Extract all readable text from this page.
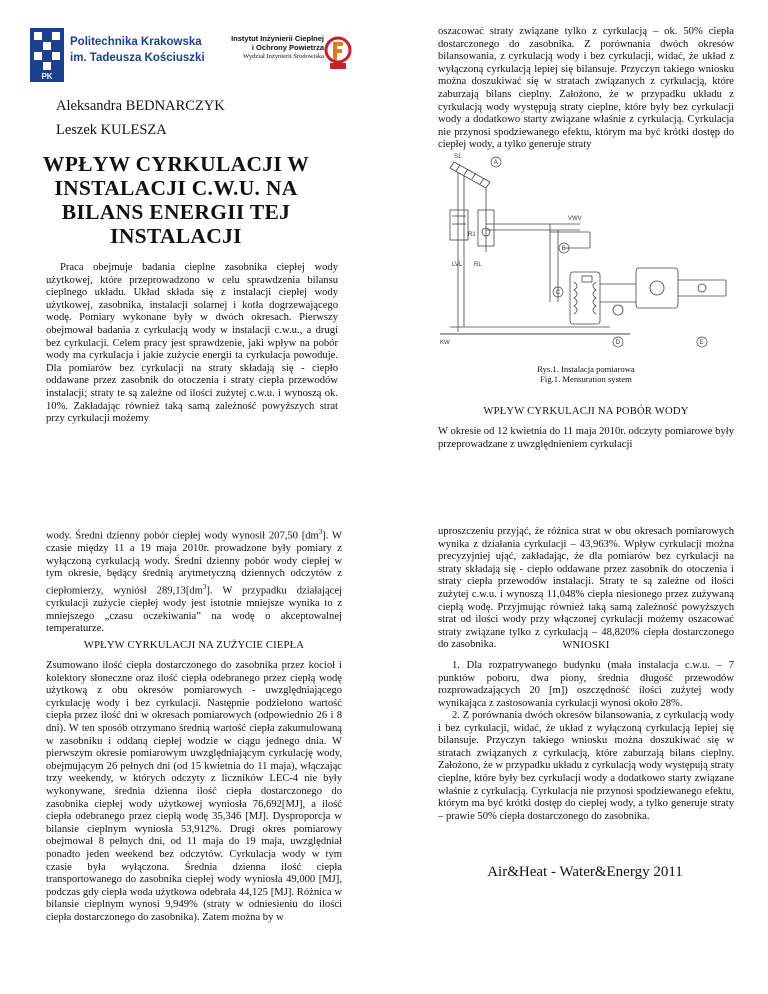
PK
Politechnika Krakowska
im. Tadeusza Kościuszki
Instytut Inżynierii Cieplnej
i Ochrony Powietrza
Wydział Inżynierii Środowiska
Aleksandra BEDNARCZYK
Leszek KULESZA
WPŁYW CYRKULACJI W INSTALACJI C.W.U. NA BILANS ENERGII TEJ INSTALACJI

Praca obejmuje badania cieplne zasobnika ciepłej wody użytkowej, które przeprowadzono w celu sprawdzenia bilansu cieplnego układu. Układ składa się z instalacji ciepłej wody użytkowej, zasobnika, instalacji solarnej i kotła dogrzewającego wodę. Pomiary wykonane były w dwóch okresach. Pierwszy obejmował badania z cyrkulacją wody w instalacji c.w.u., a drugi bez cyrkulacji. Celem pracy jest sprawdzenie, jaki wpływ na pobór wody ma cyrkulacja i jakie zużycie energii ta cyrkulacja powoduje. Dla pomiarów bez cyrkulacji na straty składają się - ciepło oddawane przez zasobnik do otoczenia i straty ciepła przewodów instalacji; straty te są zależne od ilości zużytej c.w.u. i wynoszą ok. 10%. Zakładając również taką samą zależność powyższych strat przy cyrkulacji możemy

oszacować straty związane tylko z cyrkulacją – ok. 50% ciepła dostarczonego do zasobnika. Z porównania dwóch okresów bilansowania, z cyrkulacją wody i bez cyrkulacji, widać, że układ z wyłączoną cyrkulacją lepiej się bilansuje. Przyczyn takiego wniosku można doszukiwać się w stratach związanych z cyrkulacją, które zaburzają bilans cieplny. Założono, że w przypadku układu z cyrkulacją wody występują straty cieplne, które były bez cyrkulacji wody a dodatkowo starty związane właśnie z cyrkulacją. Cyrkulacja nie przynosi spodziewanego efektu, którym ma być krótki dostęp do ciepłej wody, a tylko generuje straty

A
B
C
D	E
KW
LVL RL
VWV
R1
S1
Rys.1. Instalacja pomiarowa
Fig.1. Mensuration system
WPŁYW CYRKULACJI NA POBÓR WODY

W okresie od 12 kwietnia do 11 maja 2010r. odczyty pomiarowe były przeprowadzane z uwzględnieniem cyrkulacji

wody. Średni dzienny pobór ciepłej wody wynosił 207,50 $[dm^3]$. W czasie między 11 a 19 maja 2010r. prowadzone były pomiary z wyłączoną cyrkulacją wody. Średni dzienny pobór wody ciepłej w tym okresie, będący średnią arytmetyczną dziennych odczytów z ciepłomierzy, wyniósł $289,13[dm^3]$. W przypadku działającej cyrkulacji zużycie ciepłej wody jest istotnie mniejsze wynika to z mniejszego „czasu oczekiwania” na wodę o akceptowalnej temperaturze.

WPŁYW CYRKULACJI NA ZUŻYCIE CIEPŁA

Zsumowano ilość ciepła dostarczonego do zasobnika przez kocioł i kolektory słoneczne oraz ilość ciepła odebranego przez ciepłą wodę użytkową z obu okresów pomiarowych - uwzględniającego cyrkulację wody i bez cyrkulacji. Następnie podzielono wartość ciepła przez ilość dni w okresach pomiarowych (odpowiednio 26 i 8 dni). W ten sposób otrzymano średnią wartość ciepła zakumulowaną w zasobniku i oddaną ciepłej wodzie w ciągu jednego dnia. W pierwszym okresie pomiarowym uwzględniającym cyrkulację wody, obejmującym 26 pełnych dni (od 15 kwietnia do 11 maja), włączając trzy weekendy, w których odczyty z liczników LEC-4 nie były wykonywane, średnia dzienna ilość ciepła dostarczonego do zasobnika ciepłej wody użytkowej wyniosła 76,692[MJ], a ilość ciepła odebranego przez ciepłą wodę 35,346 [MJ]. Dysproporcja w bilansie cieplnym wyniosła 53,912%. Drugi okres pomiarowy obejmował 8 pełnych dni, od 11 maja do 19 maja, uwzględniał ponadto jeden weekend bez odczytów. Cyrkulacja wody w tym czasie była wyłączona. Średnia dzienna ilość ciepła transportowanego do zasobnika ciepłej wody wyniosła 49,000 [MJ], podczas gdy ciepła woda użytkowa odebrała 44,125 [MJ]. Różnica w bilansie cieplnym wynosi 9,949% (straty w odniesieniu do ilości ciepła dostarczonego do zasobnika). Zatem można by w

uproszczeniu przyjąć, że różnica strat w obu okresach pomiarowych wynika z działania cyrkulacji – 43,963%. Wpływ cyrkulacji można precyzyjniej ująć, zakładając, że dla pomiarów bez cyrkulacji na straty składają się - ciepło oddawane przez zasobnik do otoczenia i straty ciepła przewodów instalacji. Straty te są zależne od ilości zużytej c.w.u. i wynoszą 11,048% ciepła niesionego przez zużywaną ciepłą wodę. Przyjmując również taką samą zależność powyższych strat od ilości wody przy włączonej cyrkulacji możemy oszacować straty związane tylko z cyrkulacją – 48,820% ciepła dostarczonego do zasobnika.	WNIOSKI

1. Dla rozpatrywanego budynku (mała instalacja c.w.u. – 7 punktów poboru, dwa piony, średnia długość przewodów rozprowadzających 20 [m]) oszczędność ilości zużytej wody wynikająca z zastosowania cyrkulacji wynosi około 28%.

2. Z porównania dwóch okresów bilansowania, z cyrkulacją wody i bez cyrkulacji, widać, że układ z wyłączoną cyrkulacją lepiej się bilansuje. Przyczyn takiego wniosku można doszukiwać się w stratach związanych z cyrkulacją, które zaburzają bilans cieplny. Założono, że w przypadku układu z cyrkulacją wody występują straty cieplne, które były bez cyrkulacji wody a dodatkowo starty związane właśnie z cyrkulacją. Cyrkulacja nie przynosi spodziewanego efektu, którym ma być krótki dostęp do ciepłej wody, a tylko generuje straty – prawie 50% ciepła dostarczonego do zasobnika.

Air&Heat - Water&Energy 2011
